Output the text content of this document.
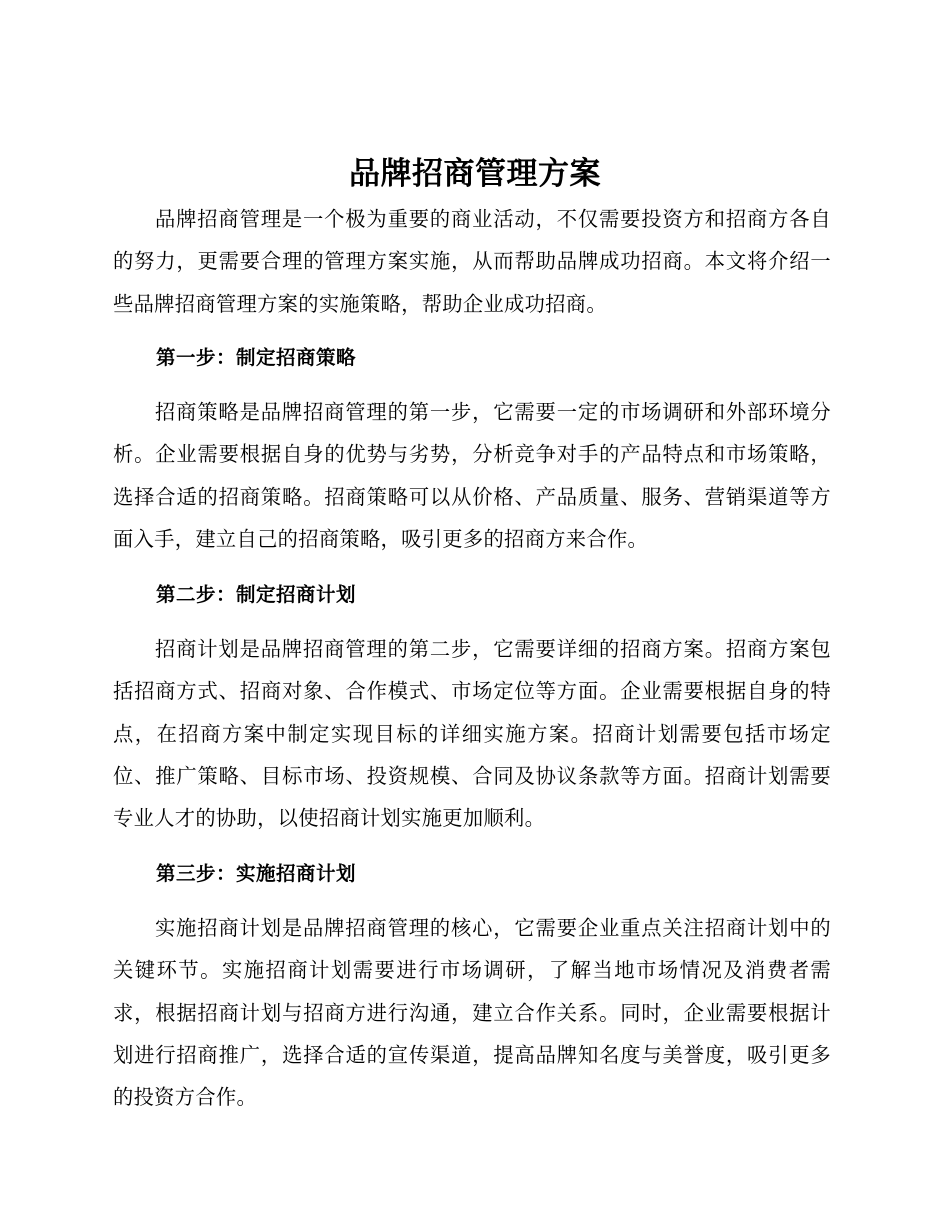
品牌招商管理方案

品牌招商管理是一个极为重要的商业活动，不仅需要投资方和招商方各自的努力，更需要合理的管理方案实施，从而帮助品牌成功招商。本文将介绍一些品牌招商管理方案的实施策略，帮助企业成功招商。

第一步：制定招商策略

招商策略是品牌招商管理的第一步，它需要一定的市场调研和外部环境分析。企业需要根据自身的优势与劣势，分析竞争对手的产品特点和市场策略，选择合适的招商策略。招商策略可以从价格、产品质量、服务、营销渠道等方面入手，建立自己的招商策略，吸引更多的招商方来合作。

第二步：制定招商计划

招商计划是品牌招商管理的第二步，它需要详细的招商方案。招商方案包括招商方式、招商对象、合作模式、市场定位等方面。企业需要根据自身的特点，在招商方案中制定实现目标的详细实施方案。招商计划需要包括市场定位、推广策略、目标市场、投资规模、合同及协议条款等方面。招商计划需要专业人才的协助，以使招商计划实施更加顺利。

第三步：实施招商计划

实施招商计划是品牌招商管理的核心，它需要企业重点关注招商计划中的关键环节。实施招商计划需要进行市场调研，了解当地市场情况及消费者需求，根据招商计划与招商方进行沟通，建立合作关系。同时，企业需要根据计划进行招商推广，选择合适的宣传渠道，提高品牌知名度与美誉度，吸引更多的投资方合作。
